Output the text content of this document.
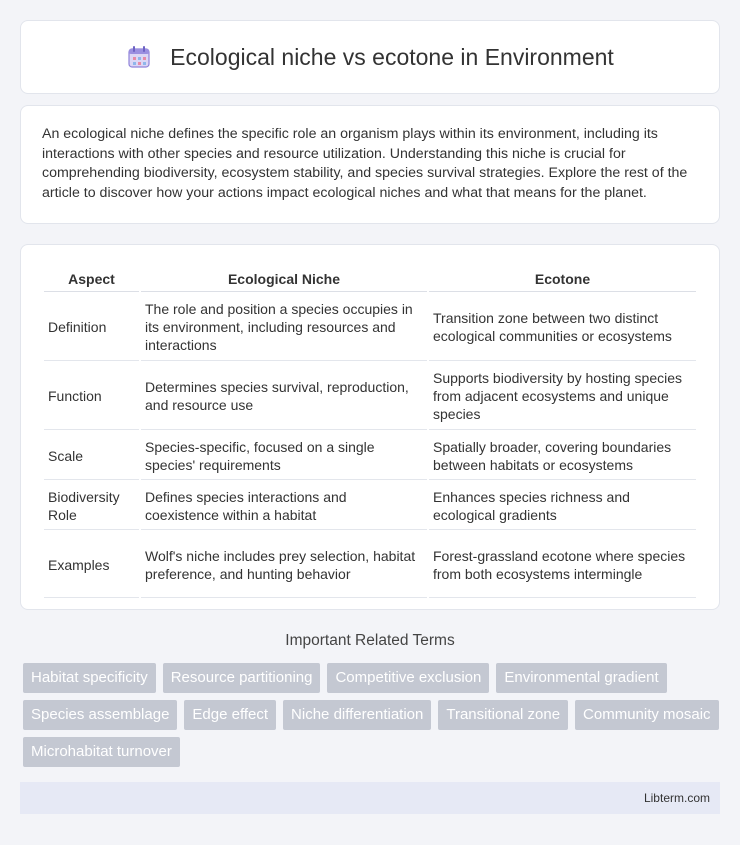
Ecological niche vs ecotone in Environment

An ecological niche defines the specific role an organism plays within its environment, including its interactions with other species and resource utilization. Understanding this niche is crucial for comprehending biodiversity, ecosystem stability, and species survival strategies. Explore the rest of the article to discover how your actions impact ecological niches and what that means for the planet.

Aspect	Ecological Niche	Ecotone
Definition	The role and position a species occupies in its environment, including resources and interactions	Transition zone between two distinct ecological communities or ecosystems
Function	Determines species survival, reproduction, and resource use	Supports biodiversity by hosting species from adjacent ecosystems and unique species
Scale	Species-specific, focused on a single species' requirements	Spatially broader, covering boundaries between habitats or ecosystems
Biodiversity Role	Defines species interactions and coexistence within a habitat	Enhances species richness and ecological gradients
Examples	Wolf's niche includes prey selection, habitat preference, and hunting behavior	Forest-grassland ecotone where species from both ecosystems intermingle
Important Related Terms
Habitat specificity	Resource partitioning	Competitive exclusion	Environmental gradient
Species assemblage	Edge effect	Niche differentiation	Transitional zone	Community mosaic
Microhabitat turnover
Libterm.com
